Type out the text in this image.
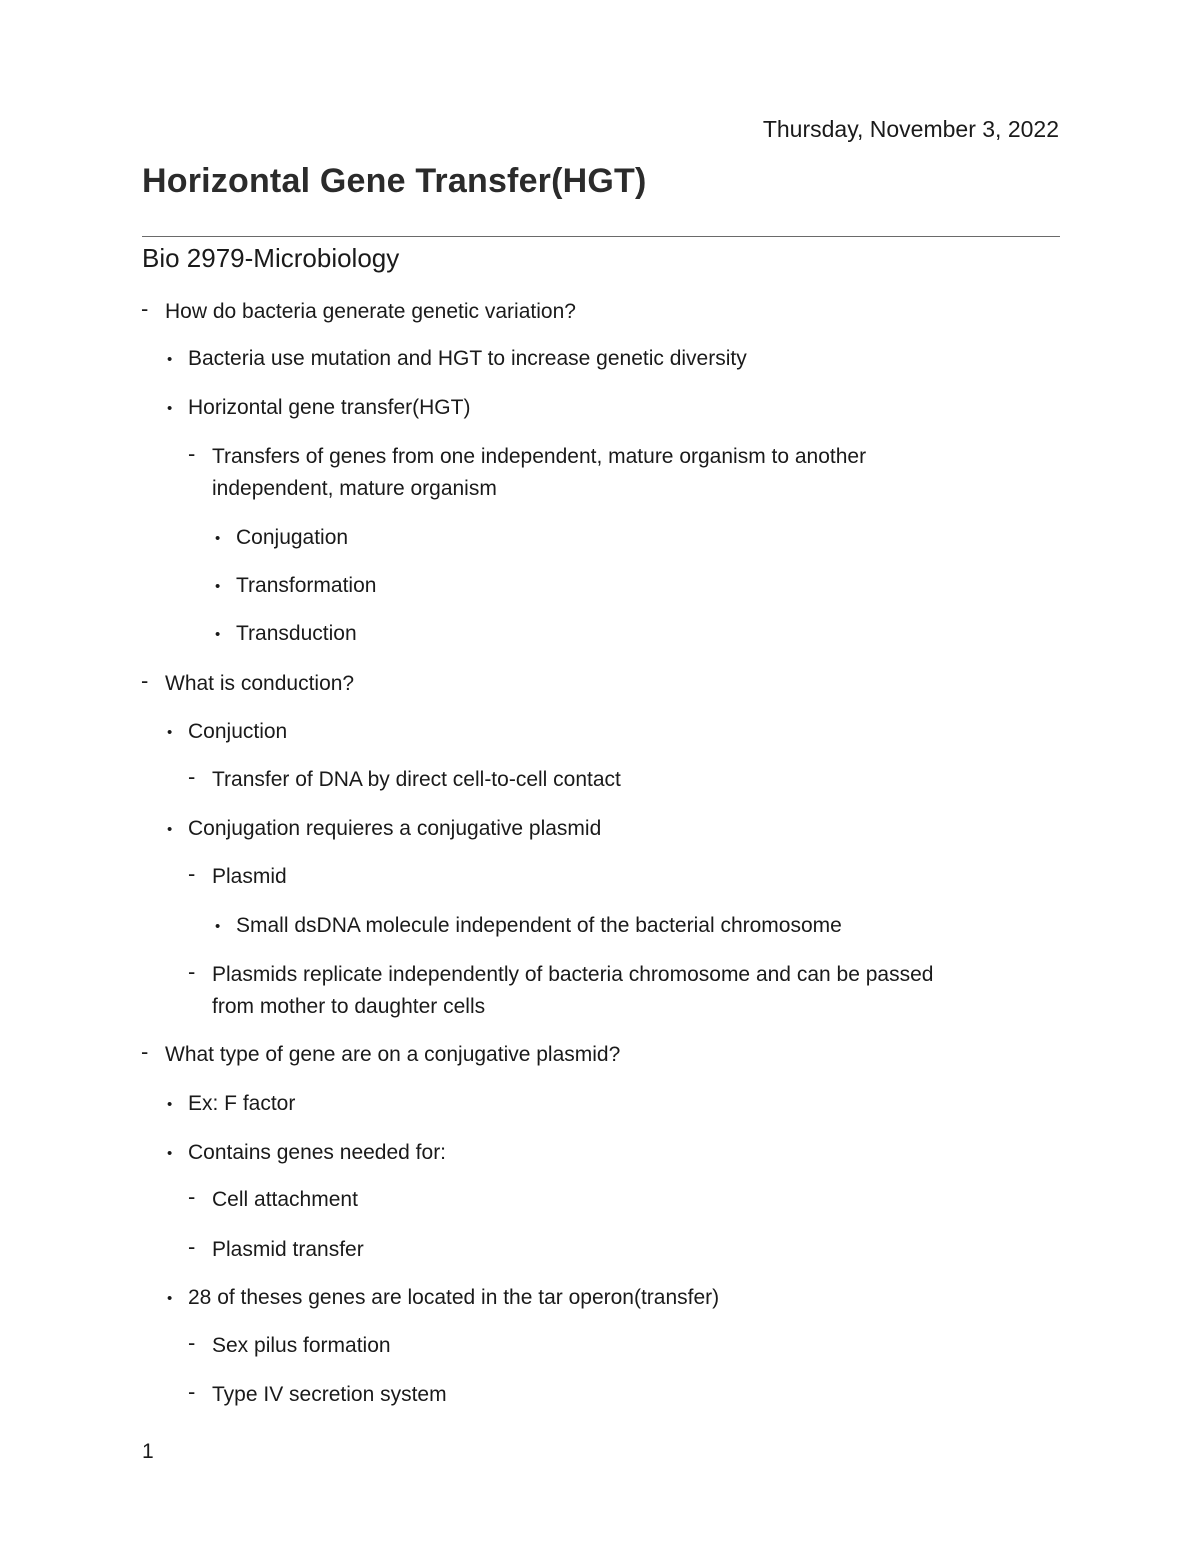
Thursday, November 3, 2022
Horizontal Gene Transfer(HGT)
Bio 2979-Microbiology
- How do bacteria generate genetic variation?
• Bacteria use mutation and HGT to increase genetic diversity
• Horizontal gene transfer(HGT)
- Transfers of genes from one independent, mature organism to another
independent, mature organism
• Conjugation
• Transformation
• Transduction
- What is conduction?
• Conjuction
- Transfer of DNA by direct cell-to-cell contact
• Conjugation requieres a conjugative plasmid
- Plasmid
• Small dsDNA molecule independent of the bacterial chromosome
- Plasmids replicate independently of bacteria chromosome and can be passed
from mother to daughter cells
- What type of gene are on a conjugative plasmid?
• Ex: F factor
• Contains genes needed for:
- Cell attachment
- Plasmid transfer
• 28 of theses genes are located in the tar operon(transfer)
- Sex pilus formation
- Type IV secretion system
1
